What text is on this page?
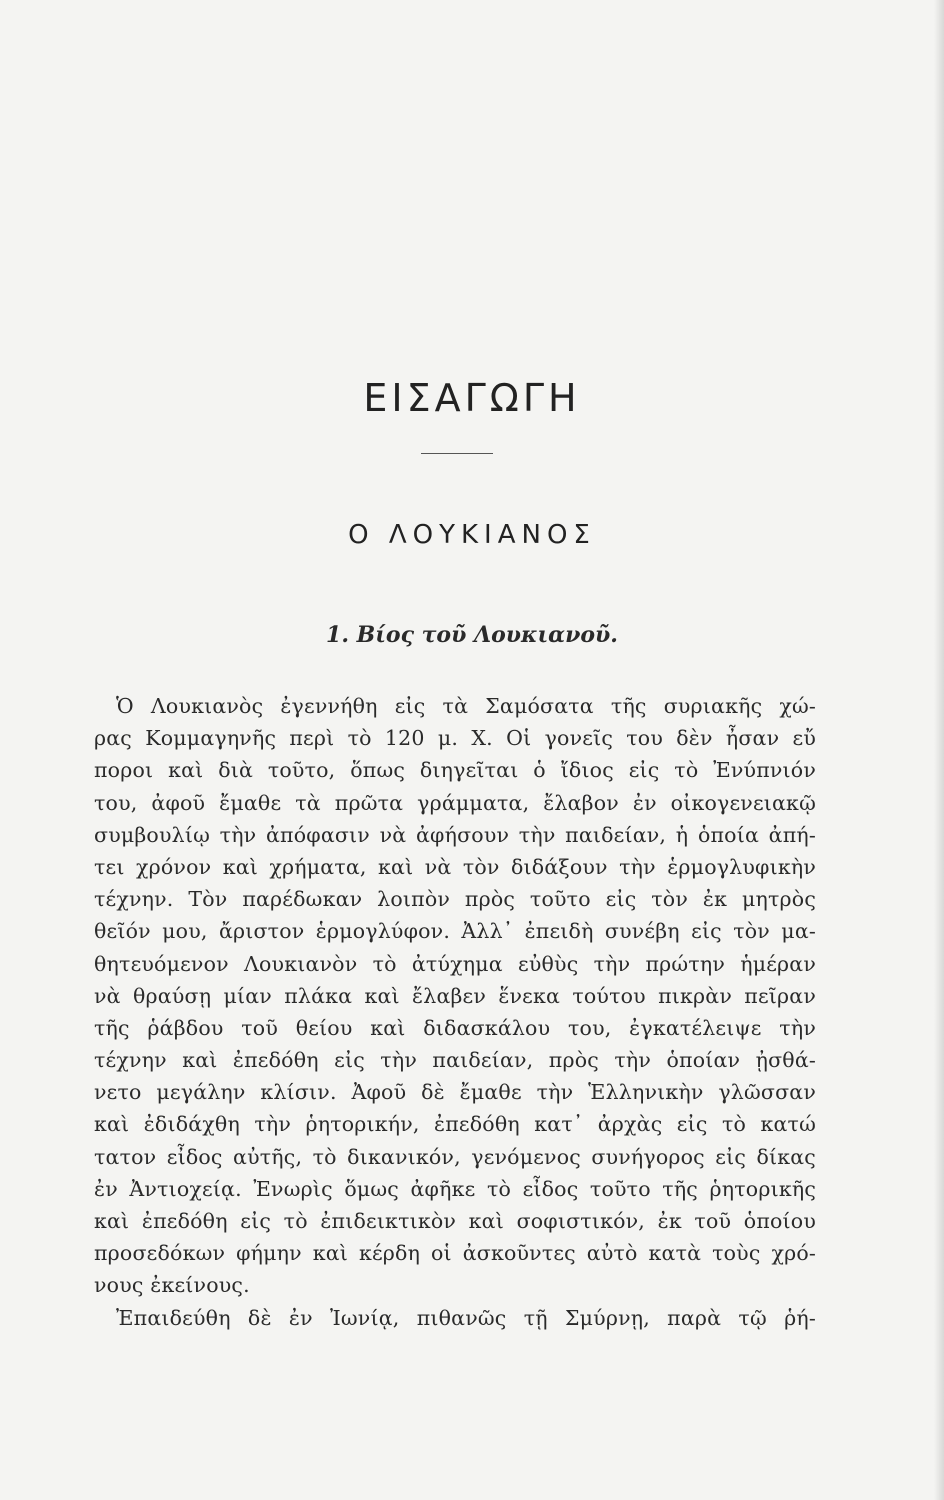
ΕΙΣΑΓΩΓΗ
Ο ΛΟΥΚΙΑΝΟΣ
1. Βίος τοῦ Λουκιανοῦ.
Ὁ Λουκιανὸς ἐγεννήθη εἰς τὰ Σαμόσατα τῆς συριακῆς χώ-
ρας Κομμαγηνῆς περὶ τὸ 120 μ. Χ. Οἱ γονεῖς του δὲν ἦσαν εὔ
ποροι καὶ διὰ τοῦτο, ὅπως διηγεῖται ὁ ἴδιος εἰς τὸ Ἐνύπνιόν
του, ἀφοῦ ἔμαθε τὰ πρῶτα γράμματα, ἔλαβον ἐν οἰκογενειακῷ
συμβουλίῳ τὴν ἀπόφασιν νὰ ἀφήσουν τὴν παιδείαν, ἡ ὁποία ἀπή-
τει χρόνον καὶ χρήματα, καὶ νὰ τὸν διδάξουν τὴν ἑρμογλυφικὴν
τέχνην. Τὸν παρέδωκαν λοιπὸν πρὸς τοῦτο εἰς τὸν ἐκ μητρὸς
θεῖόν μου, ἄριστον ἑρμογλύφον. Ἀλλ᾿ ἐπειδὴ συνέβη εἰς τὸν μα-
θητευόμενον Λουκιανὸν τὸ ἀτύχημα εὐθὺς τὴν πρώτην ἡμέραν
νὰ θραύσῃ μίαν πλάκα καὶ ἔλαβεν ἕνεκα τούτου πικρὰν πεῖραν
τῆς ῥάβδου τοῦ θείου καὶ διδασκάλου του, ἐγκατέλειψε τὴν
τέχνην καὶ ἐπεδόθη εἰς τὴν παιδείαν, πρὸς τὴν ὁποίαν ᾐσθά-
νετο μεγάλην κλίσιν. Ἀφοῦ δὲ ἔμαθε τὴν Ἑλληνικὴν γλῶσσαν
καὶ ἐδιδάχθη τὴν ῥητορικήν, ἐπεδόθη κατ᾿ ἀρχὰς εἰς τὸ κατώ
τατον εἶδος αὐτῆς, τὸ δικανικόν, γενόμενος συνήγορος εἰς δίκας
ἐν Ἀντιοχείᾳ. Ἐνωρὶς ὅμως ἀφῆκε τὸ εἶδος τοῦτο τῆς ῥητορικῆς
καὶ ἐπεδόθη εἰς τὸ ἐπιδεικτικὸν καὶ σοφιστικόν, ἐκ τοῦ ὁποίου
προσεδόκων φήμην καὶ κέρδη οἱ ἀσκοῦντες αὐτὸ κατὰ τοὺς χρό-
νους ἐκείνους.
Ἐπαιδεύθη δὲ ἐν Ἰωνίᾳ, πιθανῶς τῇ Σμύρνῃ, παρὰ τῷ ῥή-
